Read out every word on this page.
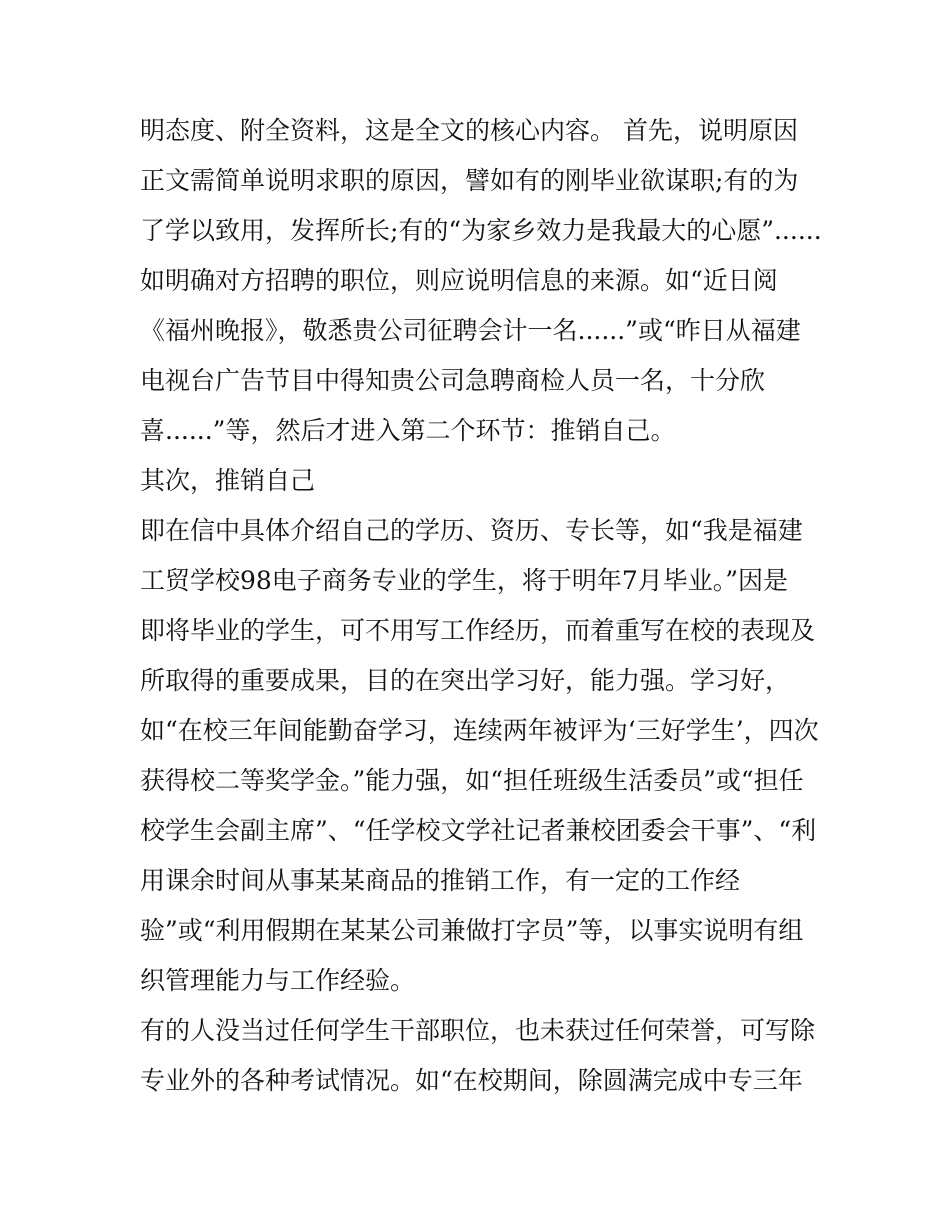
明态度、附全资料，这是全文的核心内容。 首先，说明原因
正文需简单说明求职的原因，譬如有的刚毕业欲谋职;有的为
了学以致用，发挥所长;有的“为家乡效力是我最大的心愿”......
如明确对方招聘的职位，则应说明信息的来源。如“近日阅
《福州晚报》，敬悉贵公司征聘会计一名......”或“昨日从福建
电视台广告节目中得知贵公司急聘商检人员一名，十分欣
喜......”等，然后才进入第二个环节：推销自己。
其次，推销自己
即在信中具体介绍自己的学历、资历、专长等，如“我是福建
工贸学校98电子商务专业的学生，将于明年7月毕业。”因是
即将毕业的学生，可不用写工作经历，而着重写在校的表现及
所取得的重要成果，目的在突出学习好，能力强。学习好，
如“在校三年间能勤奋学习，连续两年被评为‘三好学生’，四次
获得校二等奖学金。”能力强，如“担任班级生活委员”或“担任
校学生会副主席”、“任学校文学社记者兼校团委会干事”、“利
用课余时间从事某某商品的推销工作，有一定的工作经
验”或“利用假期在某某公司兼做打字员”等，以事实说明有组
织管理能力与工作经验。
有的人没当过任何学生干部职位，也未获过任何荣誉，可写除
专业外的各种考试情况。如“在校期间，除圆满完成中专三年
